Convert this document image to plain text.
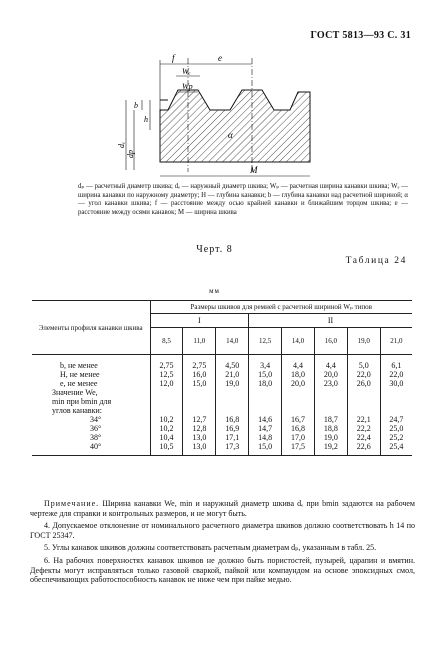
ГОСТ 5813—93 С. 31
f	e
Wₑ
Wp
b
h
dₑ
dp
α
M
dₚ — расчетный диаметр шкива; dₑ — наружный диаметр шкива; Wₚ — расчетная ширина канавки шкива; Wₑ — ширина канавки по наружному диаметру; H — глубина канавки; b — глубина канавки над расчетной шириной; α — угол канавки шкива; f — расстояние между осью крайней канавки и ближайшим торцом шкива; e — расстояние между осями канавок; M — ширина шкива
Черт. 8
Таблица 24
мм
Элементы профиля канавки шкива	Размеры шкивов для ремней с расчетной шириной Wₚ типов							
	I			II				
	8,5	11,0	14,0	12,5	14,0	16,0	19,0	21,0
b, не менее	2,75	2,75	4,50	3,4	4,4	4,4	5,0	6,1
H, не менее	12,5	16,0	21,0	15,0	18,0	20,0	22,0	22,0
e, не менее	12,0	15,0	19,0	18,0	20,0	23,0	26,0	30,0
Значение We,								
min при bmin для								
углов канавки:								
34°	10,2	12,7	16,8	14,6	16,7	18,7	22,1	24,7
36°	10,2	12,8	16,9	14,7	16,8	18,8	22,2	25,0
38°	10,4	13,0	17,1	14,8	17,0	19,0	22,4	25,2
40°	10,5	13,0	17,3	15,0	17,5	19,2	22,6	25,4

Примечание. Ширина канавки We, min и наружный диаметр шкива dₑ при bmin задаются на рабочем чертеже для справки и контрольных размеров, и не могут быть.

4. Допускаемое отклонение от номинального расчетного диаметра шкивов должно соответствовать h 14 по ГОСТ 25347.

5. Углы канавок шкивов должны соответствовать расчетным диаметрам dₚ, указанным в табл. 25.

6. На рабочих поверхностях канавок шкивов не должно быть пористостей, пузырей, царапин и вмятин. Дефекты могут исправляться только газовой сваркой, пайкой или компаундом на основе эпоксидных смол, обеспечивающих работоспособность канавок не ниже чем при пайке медью.
